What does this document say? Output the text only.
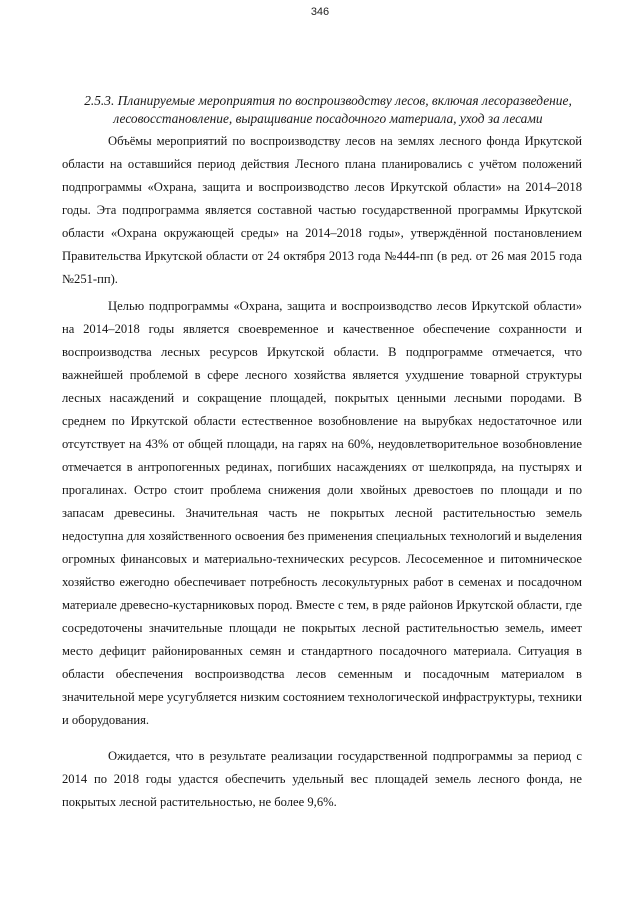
346
2.5.3. Планируемые мероприятия по воспроизводству лесов, включая лесоразведение, лесовосстановление, выращивание посадочного материала, уход за лесами

Объёмы мероприятий по воспроизводству лесов на землях лесного фонда Иркутской области на оставшийся период действия Лесного плана планировались с учётом положений подпрограммы «Охрана, защита и воспроизводство лесов Иркутской области» на 2014–2018 годы. Эта подпрограмма является составной частью государственной программы Иркутской области «Охрана окружающей среды» на 2014–2018 годы», утверждённой постановлением Правительства Иркутской области от 24 октября 2013 года №444-пп (в ред. от 26 мая 2015 года №251-пп).

Целью подпрограммы «Охрана, защита и воспроизводство лесов Иркутской области» на 2014–2018 годы является своевременное и качественное обеспечение сохранности и воспроизводства лесных ресурсов Иркутской области. В подпрограмме отмечается, что важнейшей проблемой в сфере лесного хозяйства является ухудшение товарной структуры лесных насаждений и сокращение площадей, покрытых ценными лесными породами. В среднем по Иркутской области естественное возобновление на вырубках недостаточное или отсутствует на 43% от общей площади, на гарях на 60%, неудовлетворительное возобновление отмечается в антропогенных рединах, погибших насаждениях от шелкопряда, на пустырях и прогалинах. Остро стоит проблема снижения доли хвойных древостоев по площади и по запасам древесины. Значительная часть не покрытых лесной растительностью земель недоступна для хозяйственного освоения без применения специальных технологий и выделения огромных финансовых и материально-технических ресурсов. Лесосеменное и питомническое хозяйство ежегодно обеспечивает потребность лесокультурных работ в семенах и посадочном материале древесно-кустарниковых пород. Вместе с тем, в ряде районов Иркутской области, где сосредоточены значительные площади не покрытых лесной растительностью земель, имеет место дефицит районированных семян и стандартного посадочного материала. Ситуация в области обеспечения воспроизводства лесов семенным и посадочным материалом в значительной мере усугубляется низким состоянием технологической инфраструктуры, техники и оборудования.

Ожидается, что в результате реализации государственной подпрограммы за период с 2014 по 2018 годы удастся обеспечить удельный вес площадей земель лесного фонда, не покрытых лесной растительностью, не более 9,6%.
